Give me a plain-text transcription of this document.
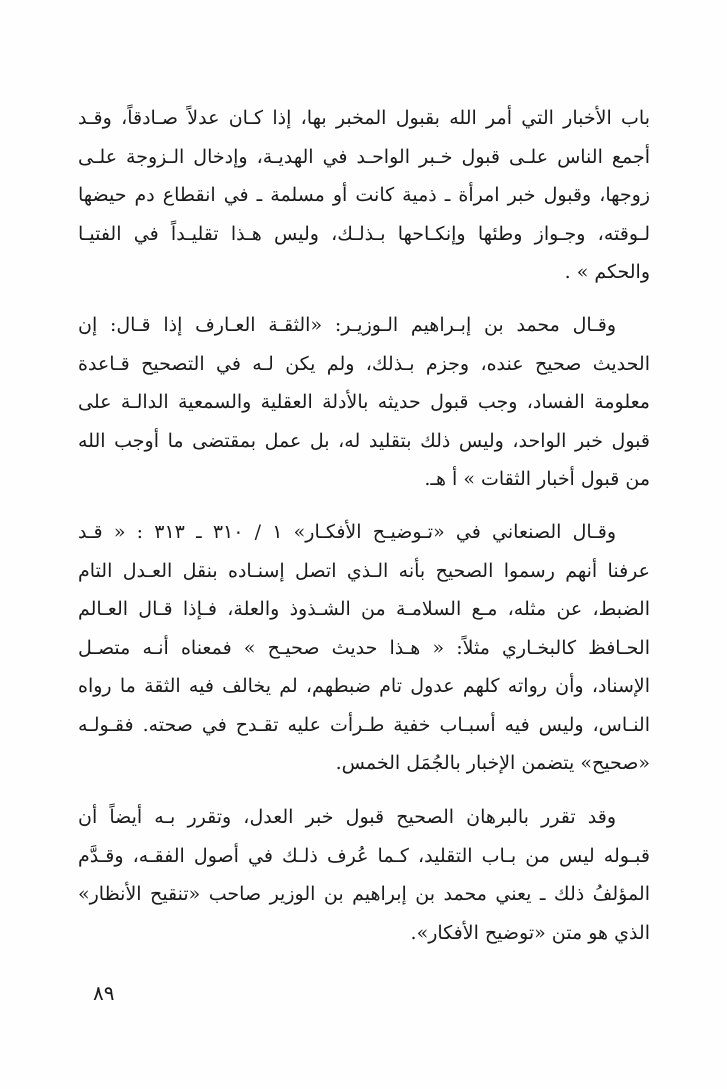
باب الأخبار التي أمر الله بقبول المخبر بها، إذا كـان عدلاً صـادقاً، وقـد
أجمع الناس علـى قبول خـبر الواحـد في الهديـة، وإدخال الـزوجة علـى
زوجها، وقبول خبر امرأة ـ ذمية كانت أو مسلمة ـ في انقطاع دم حيضها
لـوقته، وجـواز وطئها وإنكـاحها بـذلـك، وليس هـذا تقليـداً في الفتيـا
والحكم » .
وقـال محمد بن إبـراهيم الـوزيـر: «الثقـة العـارف إذا قـال: إن
الحديث صحيح عنده، وجزم بـذلك، ولم يكن لـه في التصحيح قـاعدة
معلومة الفساد، وجب قبول حديثه بالأدلة العقلية والسمعية الدالـة على
قبول خبر الواحد، وليس ذلك بتقليد له، بل عمل بمقتضى ما أوجب الله
من قبول أخبار الثقات » أ هـ.
وقـال الصنعاني في «تـوضيـح الأفكـار» ١ / ٣١٠ ـ ٣١٣ : « قـد
عرفنا أنهم رسموا الصحيح بأنه الـذي اتصل إسنـاده بنقل العـدل التام
الضبط، عن مثله، مـع السلامـة من الشـذوذ والعلة، فـإذا قـال العـالم
الحـافظ كالبخـاري مثلاً: « هـذا حديث صحيـح » فمعناه أنـه متصـل
الإسناد، وأن رواته كلهم عدول تام ضبطهم، لم يخالف فيه الثقة ما رواه
النـاس، وليس فيه أسبـاب خفية طـرأت عليه تقـدح في صحته. فقـولـه
«صحيح» يتضمن الإخبار بالجُمَل الخمس.
وقد تقرر بالبرهان الصحيح قبول خبر العدل، وتقرر بـه أيضاً أن
قبـوله ليس من بـاب التقليد، كـما عُرف ذلـك في أصول الفقـه، وقـدَّم
المؤلفُ ذلك ـ يعني محمد بن إبراهيم بن الوزير صاحب «تنقيح الأنظار»
الذي هو متن «توضيح الأفكار».
٨٩
